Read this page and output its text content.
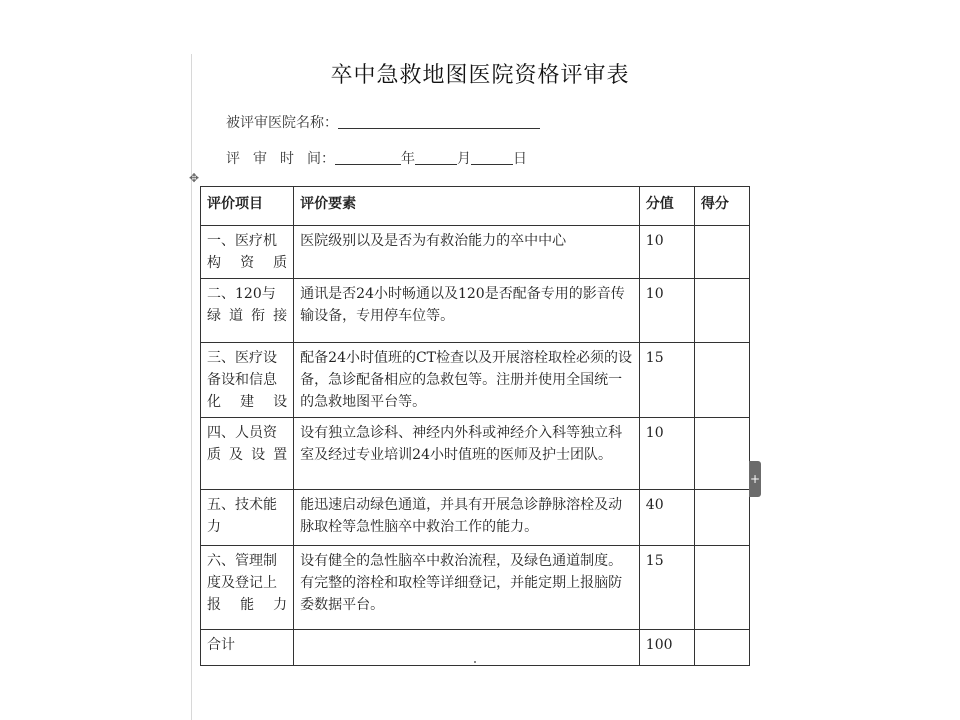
卒中急救地图医院资格评审表
被评审医院名称：
评审时间：	年	月	日
✥
评价项目	评价要素	分值	得分
一、医疗机构资质	医院级别以及是否为有救治能力的卒中中心	10	
二、120与绿道衔接	通讯是否24小时畅通以及120是否配备专用的影音传输设备，专用停车位等。	10	
三、医疗设备设和信息化建设	配备24小时值班的CT检查以及开展溶栓取栓必须的设备，急诊配备相应的急救包等。注册并使用全国统一的急救地图平台等。	15	
四、人员资质及设置	设有独立急诊科、神经内外科或神经介入科等独立科室及经过专业培训24小时值班的医师及护士团队。	10	
五、技术能力	能迅速启动绿色通道，并具有开展急诊静脉溶栓及动脉取栓等急性脑卒中救治工作的能力。	40	
六、管理制度及登记上报能力	设有健全的急性脑卒中救治流程，及绿色通道制度。有完整的溶栓和取栓等详细登记，并能定期上报脑防委数据平台。	15	
合计		100	
+
